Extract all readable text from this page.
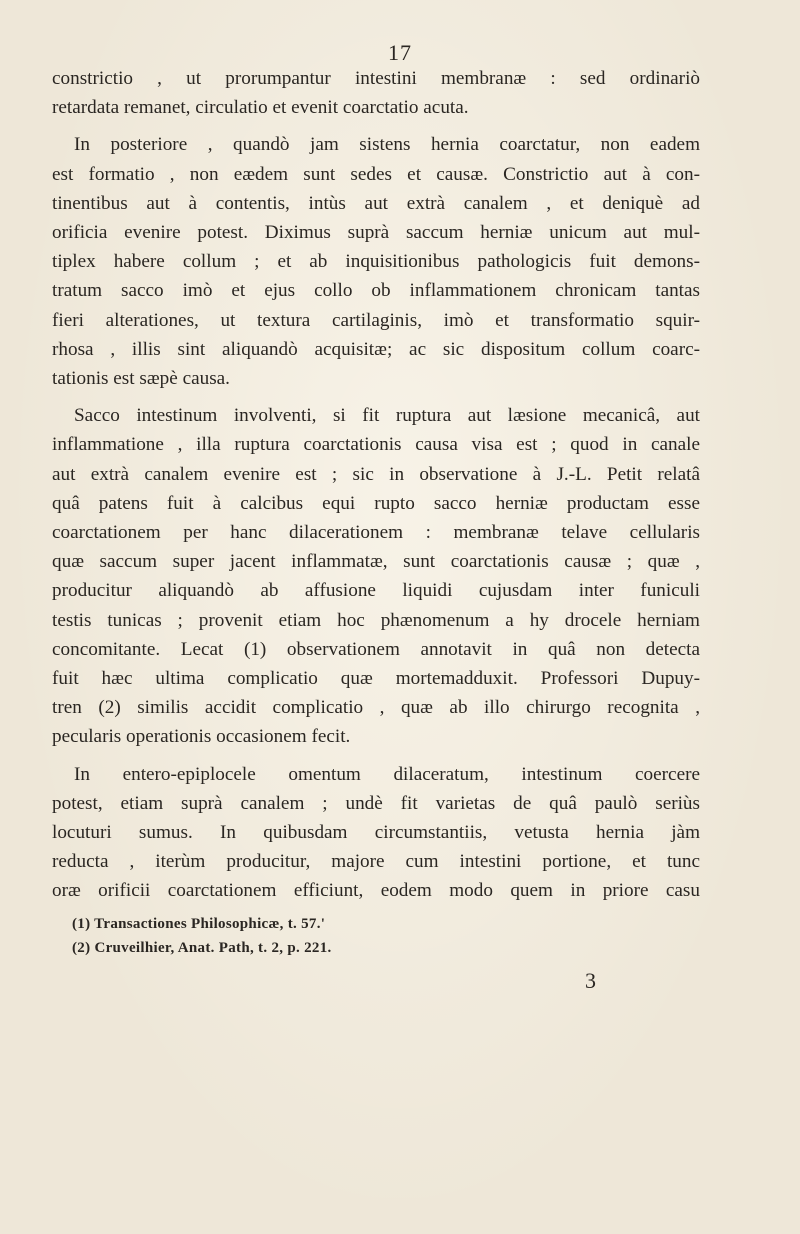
17
constrictio , ut prorumpantur intestini membranæ : sed ordinariò
retardata remanet, circulatio et evenit coarctatio acuta.
In posteriore , quandò jam sistens hernia coarctatur, non eadem
est formatio , non eædem sunt sedes et causæ. Constrictio aut à con-
tinentibus aut à contentis, intùs aut extrà canalem , et deniquè ad
orificia evenire potest. Diximus suprà saccum herniæ unicum aut mul-
tiplex habere collum ; et ab inquisitionibus pathologicis fuit demons-
tratum sacco imò et ejus collo ob inflammationem chronicam tantas
fieri alterationes, ut textura cartilaginis, imò et transformatio squir-
rhosa , illis sint aliquandò acquisitæ; ac sic dispositum collum coarc-
tationis est sæpè causa.
Sacco intestinum involventi, si fit ruptura aut læsione mecanicâ, aut
inflammatione , illa ruptura coarctationis causa visa est ; quod in canale
aut extrà canalem evenire est ; sic in observatione à J.-L. Petit relatâ
quâ patens fuit à calcibus equi rupto sacco herniæ productam esse
coarctationem per hanc dilacerationem : membranæ telave cellularis
quæ saccum super jacent inflammatæ, sunt coarctationis causæ ; quæ ,
producitur aliquandò ab affusione liquidi cujusdam inter funiculi
testis tunicas ; provenit etiam hoc phænomenum a hy drocele herniam
concomitante. Lecat (1) observationem annotavit in quâ non detecta
fuit hæc ultima complicatio quæ mortemadduxit. Professori Dupuy-
tren (2) similis accidit complicatio , quæ ab illo chirurgo recognita ,
pecularis operationis occasionem fecit.
In entero-epiplocele omentum dilaceratum, intestinum coercere
potest, etiam suprà canalem ; undè fit varietas de quâ paulò seriùs
locuturi sumus. In quibusdam circumstantiis, vetusta hernia jàm
reducta , iterùm producitur, majore cum intestini portione, et tunc
oræ orificii coarctationem efficiunt, eodem modo quem in priore casu
(1) Transactiones Philosophicæ, t. 57.'
(2) Cruveilhier, Anat. Path, t. 2, p. 221.
3
